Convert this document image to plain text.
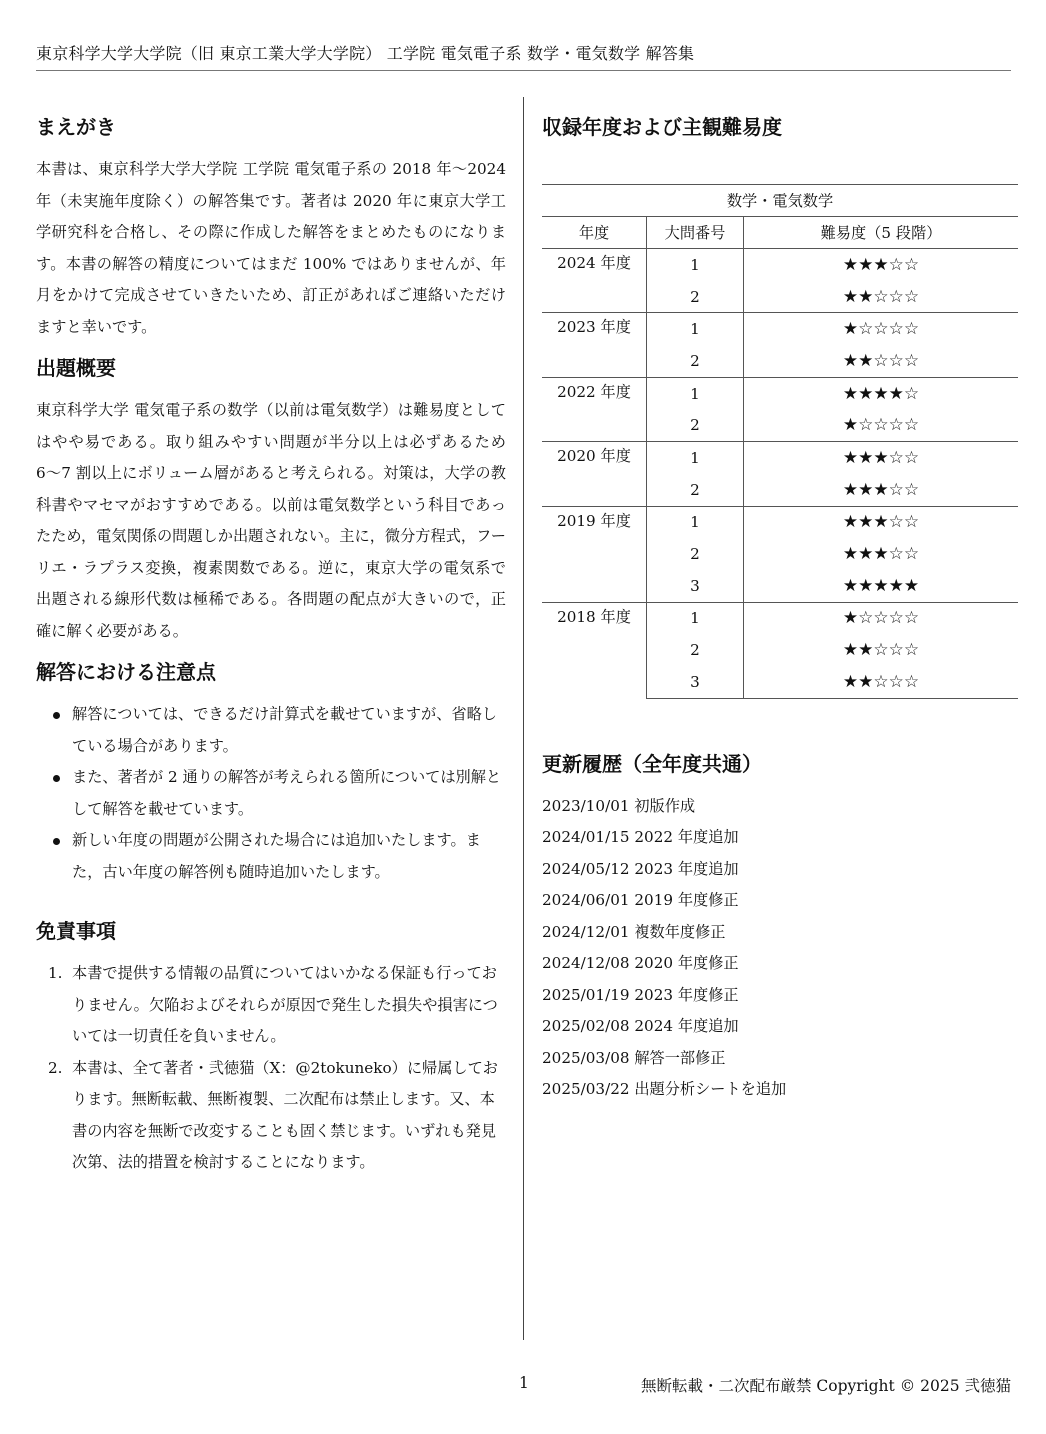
東京科学大学大学院（旧 東京工業大学大学院） 工学院 電気電子系 数学・電気数学 解答集
まえがき

本書は、東京科学大学大学院 工学院 電気電子系の 2018 年〜2024 年（未実施年度除く）の解答集です。著者は 2020 年に東京大学工学研究科を合格し、その際に作成した解答をまとめたものになります。本書の解答の精度についてはまだ 100% ではありませんが、年月をかけて完成させていきたいため、訂正があればご連絡いただけますと幸いです。

出題概要

東京科学大学 電気電子系の数学（以前は電気数学）は難易度としてはやや易である。取り組みやすい問題が半分以上は必ずあるため 6〜7 割以上にボリューム層があると考えられる。対策は，大学の教科書やマセマがおすすめである。以前は電気数学という科目であったため，電気関係の問題しか出題されない。主に，微分方程式，フーリエ・ラプラス変換，複素関数である。逆に，東京大学の電気系で出題される線形代数は極稀である。各問題の配点が大きいので，正確に解く必要がある。

解答における注意点
解答については、できるだけ計算式を載せていますが、省略している場合があります。
また、著者が 2 通りの解答が考えられる箇所については別解として解答を載せています。
新しい年度の問題が公開された場合には追加いたします。また，古い年度の解答例も随時追加いたします。
免責事項
1. 本書で提供する情報の品質についてはいかなる保証も行っておりません。欠陥およびそれらが原因で発生した損失や損害については一切責任を負いません。
2. 本書は、全て著者・弐徳猫（X：@2tokuneko）に帰属しております。無断転載、無断複製、二次配布は禁止します。又、本書の内容を無断で改変することも固く禁じます。いずれも発見次第、法的措置を検討することになります。
収録年度および主観難易度
数学・電気数学		
年度	大問番号	難易度（5 段階）
2024 年度	1	★★★☆☆
	2	★★☆☆☆
2023 年度	1	★☆☆☆☆
	2	★★☆☆☆
2022 年度	1	★★★★☆
	2	★☆☆☆☆
2020 年度	1	★★★☆☆
	2	★★★☆☆
2019 年度	1	★★★☆☆
	2	★★★☆☆
	3	★★★★★
2018 年度	1	★☆☆☆☆
	2	★★☆☆☆
	3	★★☆☆☆
更新履歴（全年度共通）
2023/10/01 初版作成
2024/01/15 2022 年度追加
2024/05/12 2023 年度追加
2024/06/01 2019 年度修正
2024/12/01 複数年度修正
2024/12/08 2020 年度修正
2025/01/19 2023 年度修正
2025/02/08 2024 年度追加
2025/03/08 解答一部修正
2025/03/22 出題分析シートを追加
1	無断転載・二次配布厳禁 Copyright © 2025 弐徳猫
